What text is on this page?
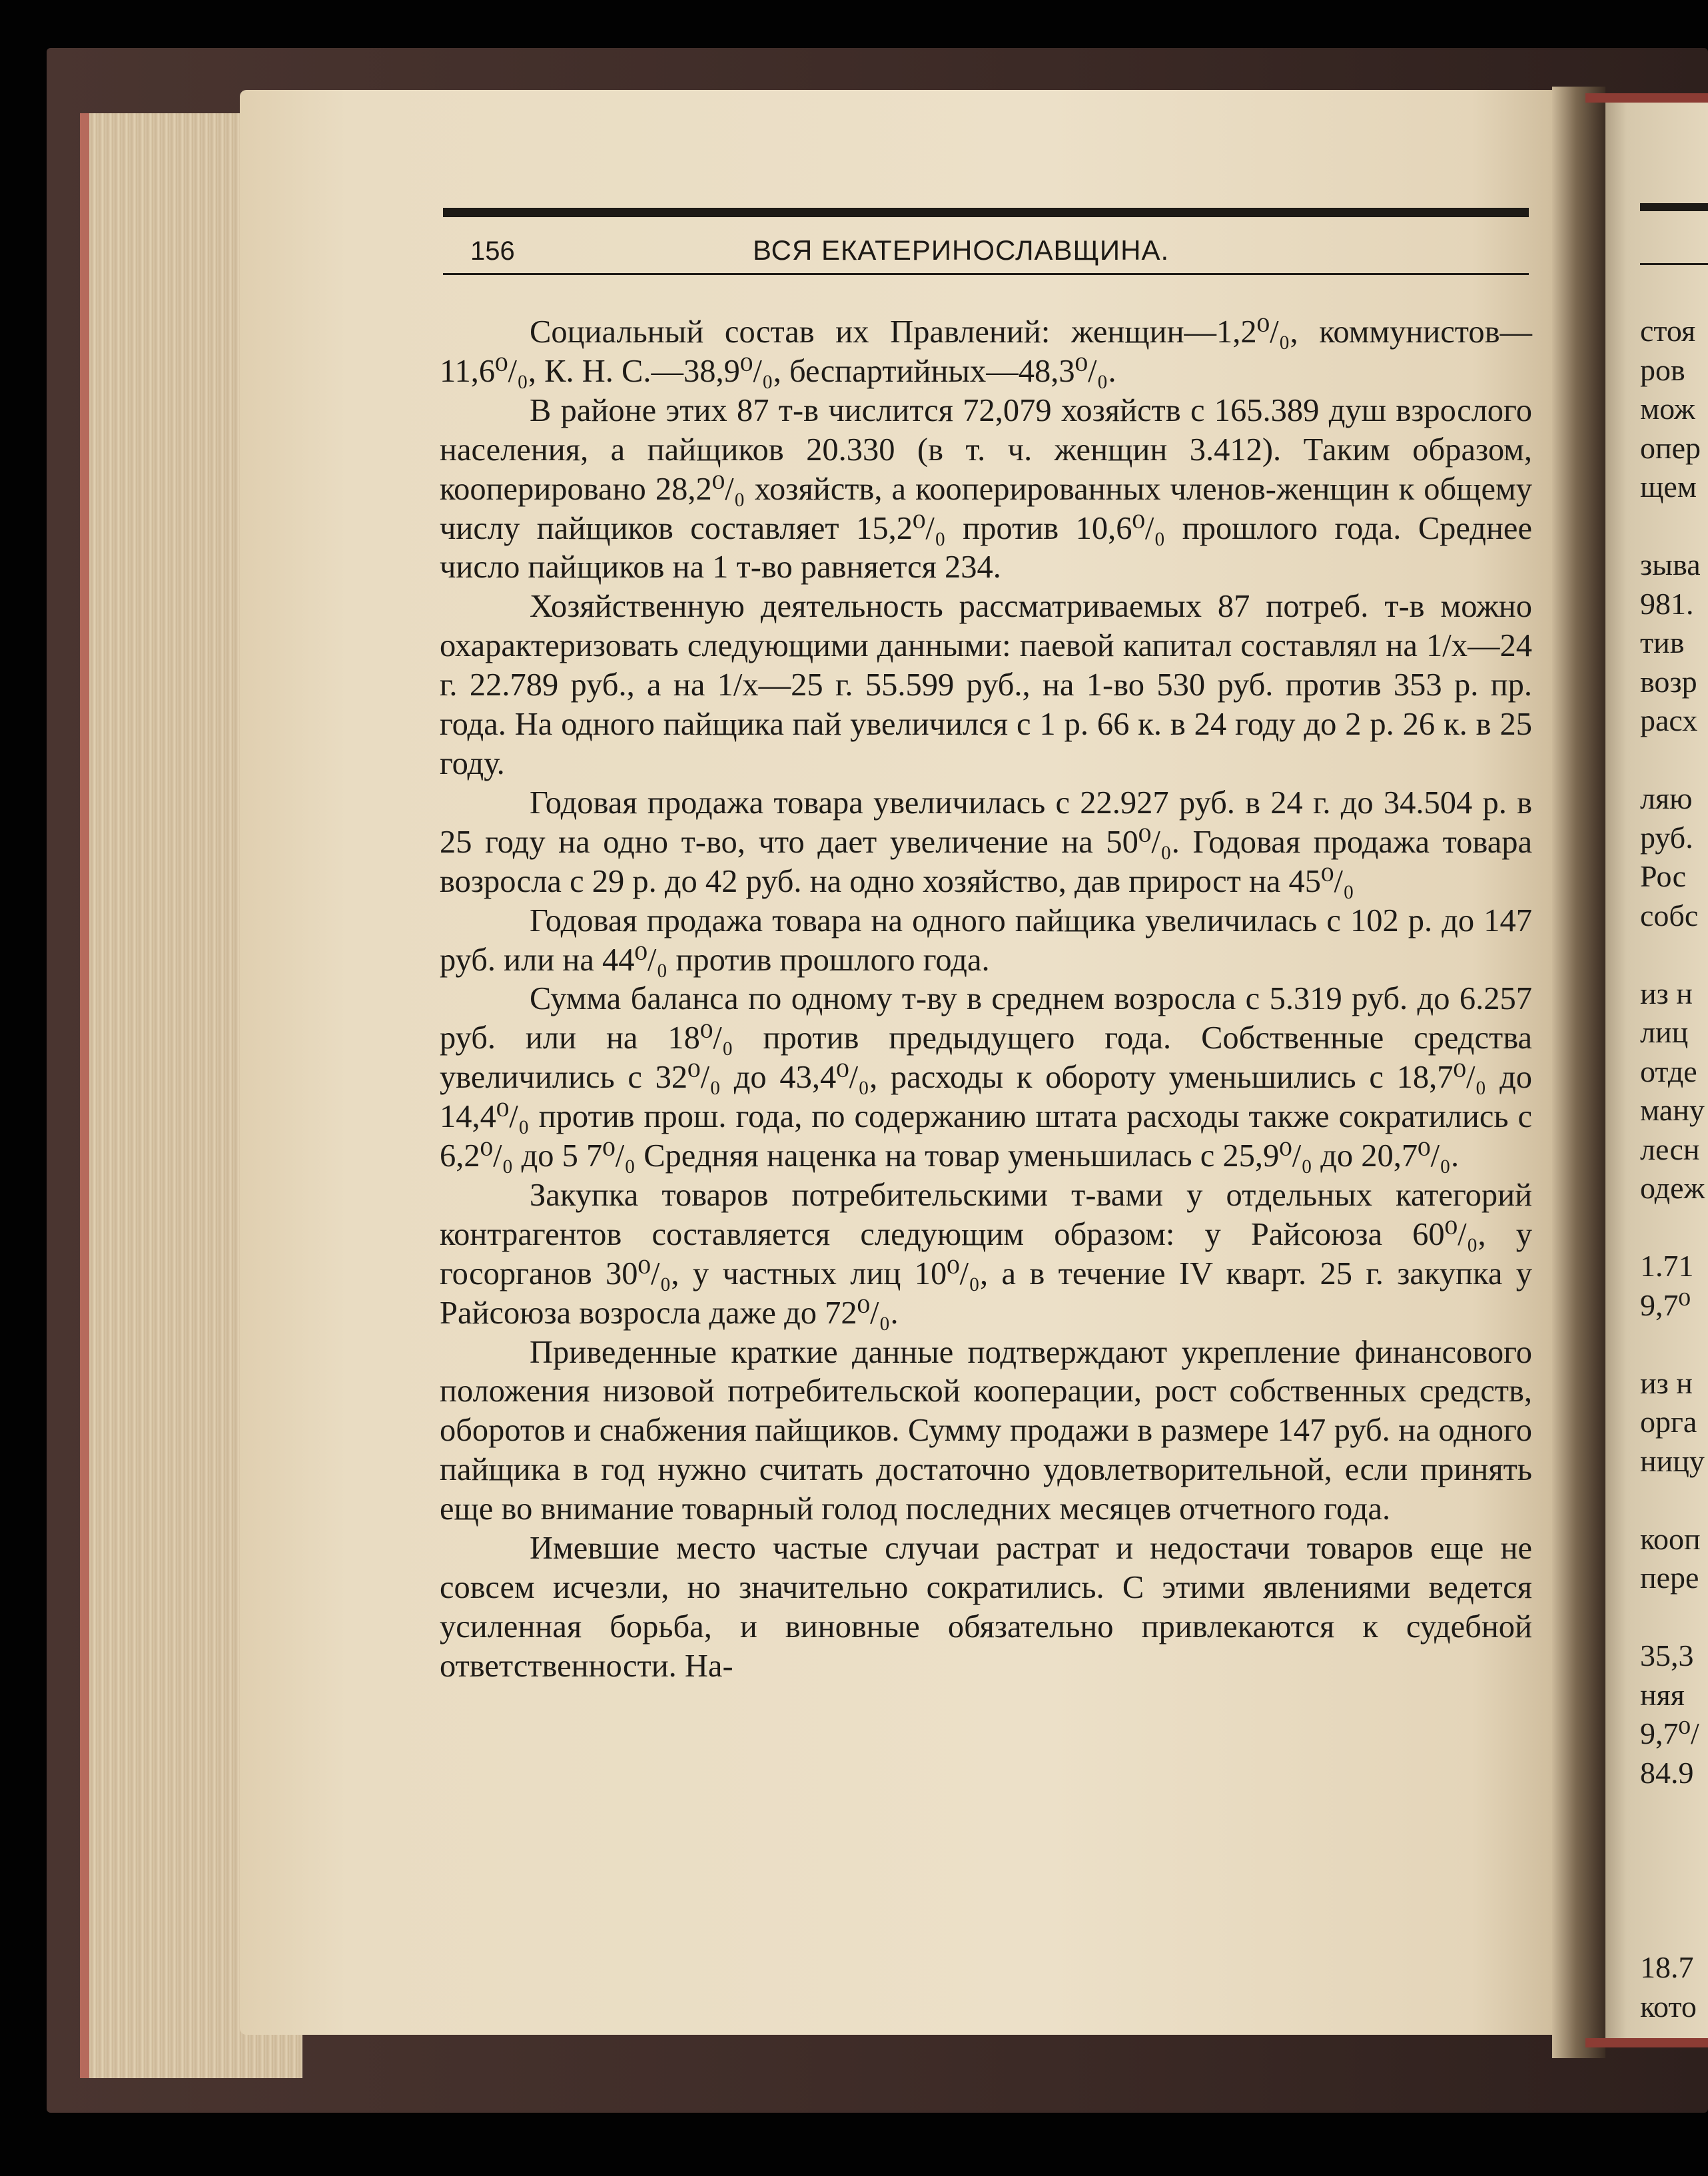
156	ВСЯ ЕКАТЕРИНОСЛАВЩИНА.

Социальный состав их Правлений: женщин—1,2⁰/₀, коммунистов—11,6⁰/₀, К. Н. С.—38,9⁰/₀, беспартийных—48,3⁰/₀.

В районе этих 87 т-в числится 72,079 хозяйств с 165.389 душ взрослого населения, а пайщиков 20.330 (в т. ч. женщин 3.412). Таким образом, кооперировано 28,2⁰/₀ хозяйств, а кооперированных членов-женщин к общему числу пайщиков составляет 15,2⁰/₀ против 10,6⁰/₀ прошлого года. Среднее число пайщиков на 1 т-во равняется 234.

Хозяйственную деятельность рассматриваемых 87 потреб. т-в можно охарактеризовать следующими данными: паевой капитал составлял на 1/х—24 г. 22.789 руб., а на 1/х—25 г. 55.599 руб., на 1-во 530 руб. против 353 р. пр. года. На одного пайщика пай увеличился с 1 р. 66 к. в 24 году до 2 р. 26 к. в 25 году.

Годовая продажа товара увеличилась с 22.927 руб. в 24 г. до 34.504 р. в 25 году на одно т-во, что дает увеличение на 50⁰/₀. Годовая продажа товара возросла с 29 р. до 42 руб. на одно хозяйство, дав прирост на 45⁰/₀

Годовая продажа товара на одного пайщика увеличилась с 102 р. до 147 руб. или на 44⁰/₀ против прошлого года.

Сумма баланса по одному т-ву в среднем возросла с 5.319 руб. до 6.257 руб. или на 18⁰/₀ против предыдущего года. Собственные средства увеличились с 32⁰/₀ до 43,4⁰/₀, расходы к обороту уменьшились с 18,7⁰/₀ до 14,4⁰/₀ против прош. года, по содержанию штата расходы также сократились с 6,2⁰/₀ до 5 7⁰/₀ Средняя наценка на товар уменьшилась с 25,9⁰/₀ до 20,7⁰/₀.

Закупка товаров потребительскими т-вами у отдельных категорий контрагентов составляется следующим образом: у Райсоюза 60⁰/₀, у госорганов 30⁰/₀, у частных лиц 10⁰/₀, а в течение IV кварт. 25 г. закупка у Райсоюза возросла даже до 72⁰/₀.

Приведенные краткие данные подтверждают укрепление финансового положения низовой потребительской кооперации, рост собственных средств, оборотов и снабжения пайщиков. Сумму продажи в размере 147 руб. на одного пайщика в год нужно считать достаточно удовлетворительной, если принять еще во внимание товарный голод последних месяцев отчетного года.

Имевшие место частые случаи растрат и недостачи товаров еще не совсем исчезли, но значительно сократились. С этими явлениями ведется усиленная борьба, и виновные обязательно привлекаются к судебной ответственности. На-

стоя
ров
мож
опер
щем
зыва
981.
тив
возр
расх
ляю
руб.
Рос
собс
из н
лиц
отде
ману
лесн
одеж
1.71
9,7⁰
из н
орга
ницу
кооп
пере
35,3
няя
9,7⁰/
84.9
18.7
кото
